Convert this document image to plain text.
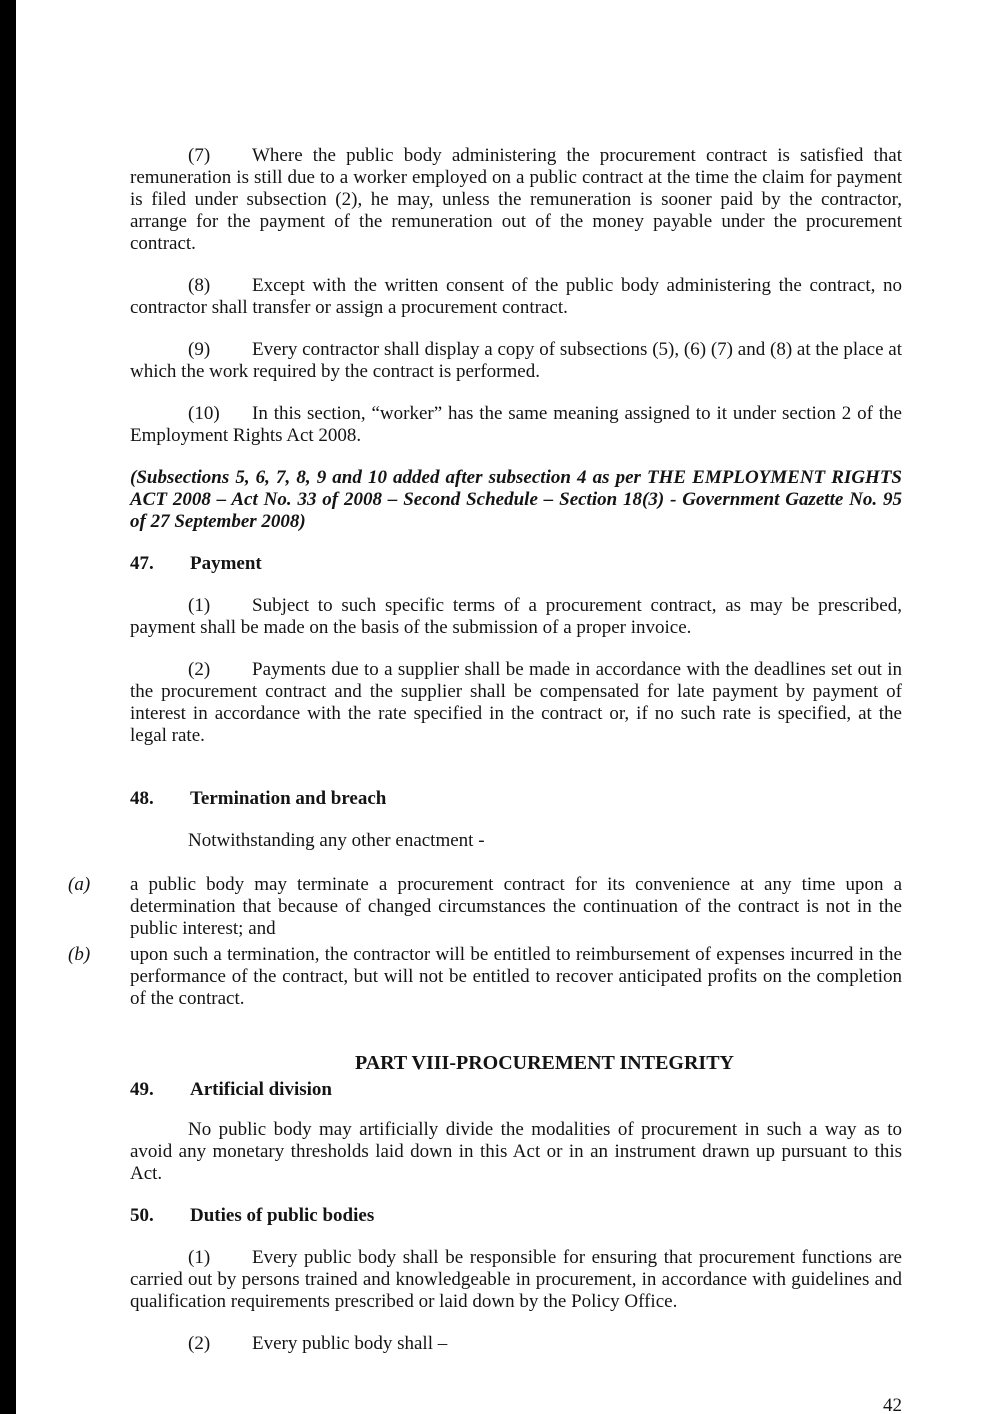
(7) Where the public body administering the procurement contract is satisfied that remuneration is still due to a worker employed on a public contract at the time the claim for payment is filed under subsection (2), he may, unless the remuneration is sooner paid by the contractor, arrange for the payment of the remuneration out of the money payable under the procurement contract.

(8) Except with the written consent of the public body administering the contract, no contractor shall transfer or assign a procurement contract.

(9) Every contractor shall display a copy of subsections (5), (6) (7) and (8) at the place at which the work required by the contract is performed.

(10) In this section, “worker” has the same meaning assigned to it under section 2 of the Employment Rights Act 2008.

(Subsections 5, 6, 7, 8, 9 and 10 added after subsection 4 as per THE EMPLOYMENT RIGHTS ACT 2008 – Act No. 33 of 2008 – Second Schedule – Section 18(3) - Government Gazette No. 95 of 27 September 2008)

47. Payment

(1) Subject to such specific terms of a procurement contract, as may be prescribed, payment shall be made on the basis of the submission of a proper invoice.

(2) Payments due to a supplier shall be made in accordance with the deadlines set out in the procurement contract and the supplier shall be compensated for late payment by payment of interest in accordance with the rate specified in the contract or, if no such rate is specified, at the legal rate.

48. Termination and breach

Notwithstanding any other enactment -

(a) a public body may terminate a procurement contract for its convenience at any time upon a determination that because of changed circumstances the continuation of the contract is not in the public interest; and
(b) upon such a termination, the contractor will be entitled to reimbursement of expenses incurred in the performance of the contract, but will not be entitled to recover anticipated profits on the completion of the contract.
PART VIII-PROCUREMENT INTEGRITY
49. Artificial division

No public body may artificially divide the modalities of procurement in such a way as to avoid any monetary thresholds laid down in this Act or in an instrument drawn up pursuant to this Act.

50. Duties of public bodies

(1) Every public body shall be responsible for ensuring that procurement functions are carried out by persons trained and knowledgeable in procurement, in accordance with guidelines and qualification requirements prescribed or laid down by the Policy Office.

(2) Every public body shall –

42
